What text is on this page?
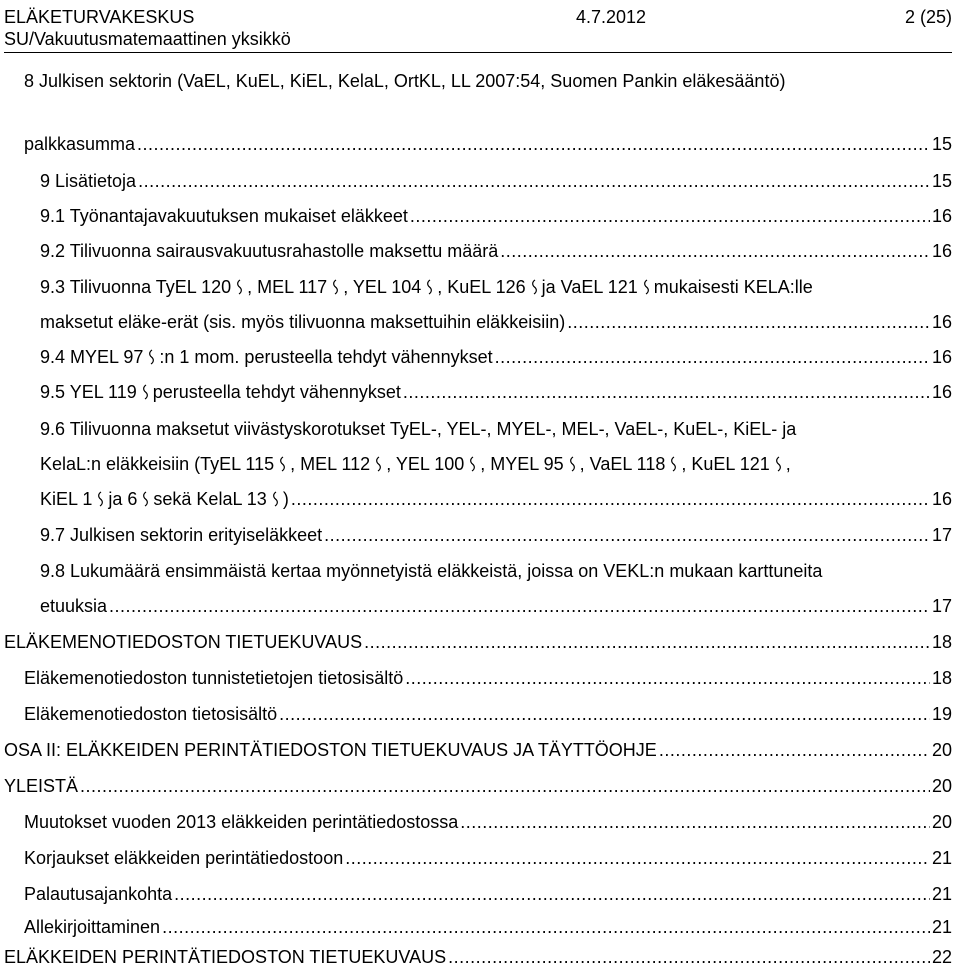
ELÄKETURVAKESKUS	4.7.2012	2 (25)
SU/Vakuutusmatemaattinen yksikkö
8 Julkisen sektorin (VaEL, KuEL, KiEL, KelaL, OrtKL, LL 2007:54, Suomen Pankin eläkesääntö)
palkkasumma .....	15
9 Lisätietoja .....	15
9.1 Työnantajavakuutuksen mukaiset eläkkeet .....	16
9.2 Tilivuonna sairausvakuutusrahastolle maksettu määrä .....	16
9.3 Tilivuonna TyEL 120 , MEL 117 , YEL 104 , KuEL 126 ja VaEL 121 mukaisesti KELA:lle
maksetut eläke-erät (sis. myös tilivuonna maksettuihin eläkkeisiin) .....	16
9.4 MYEL 97 :n 1 mom. perusteella tehdyt vähennykset .....	16
9.5 YEL 119 perusteella tehdyt vähennykset .....	16
9.6 Tilivuonna maksetut viivästyskorotukset TyEL-, YEL-, MYEL-, MEL-, VaEL-, KuEL-, KiEL- ja
KelaL:n eläkkeisiin (TyEL 115 , MEL 112 , YEL 100 , MYEL 95 , VaEL 118 , KuEL 121 ,
KiEL 1 ja 6 sekä KelaL 13 ) .....	16
9.7 Julkisen sektorin erityiseläkkeet .....	17
9.8 Lukumäärä ensimmäistä kertaa myönnetyistä eläkkeistä, joissa on VEKL:n mukaan karttuneita
etuuksia .....	17
ELÄKEMENOTIEDOSTON TIETUEKUVAUS .....	18
Eläkemenotiedoston tunnistetietojen tietosisältö .....	18
Eläkemenotiedoston tietosisältö .....	19
OSA II: ELÄKKEIDEN PERINTÄTIEDOSTON TIETUEKUVAUS JA TÄYTTÖOHJE .....	20
YLEISTÄ .....	20
Muutokset vuoden 2013 eläkkeiden perintätiedostossa .....	20
Korjaukset eläkkeiden perintätiedostoon .....	21
Palautusajankohta .....	21
Allekirjoittaminen .....	21
ELÄKKEIDEN PERINTÄTIEDOSTON TIETUEKUVAUS .....	22
